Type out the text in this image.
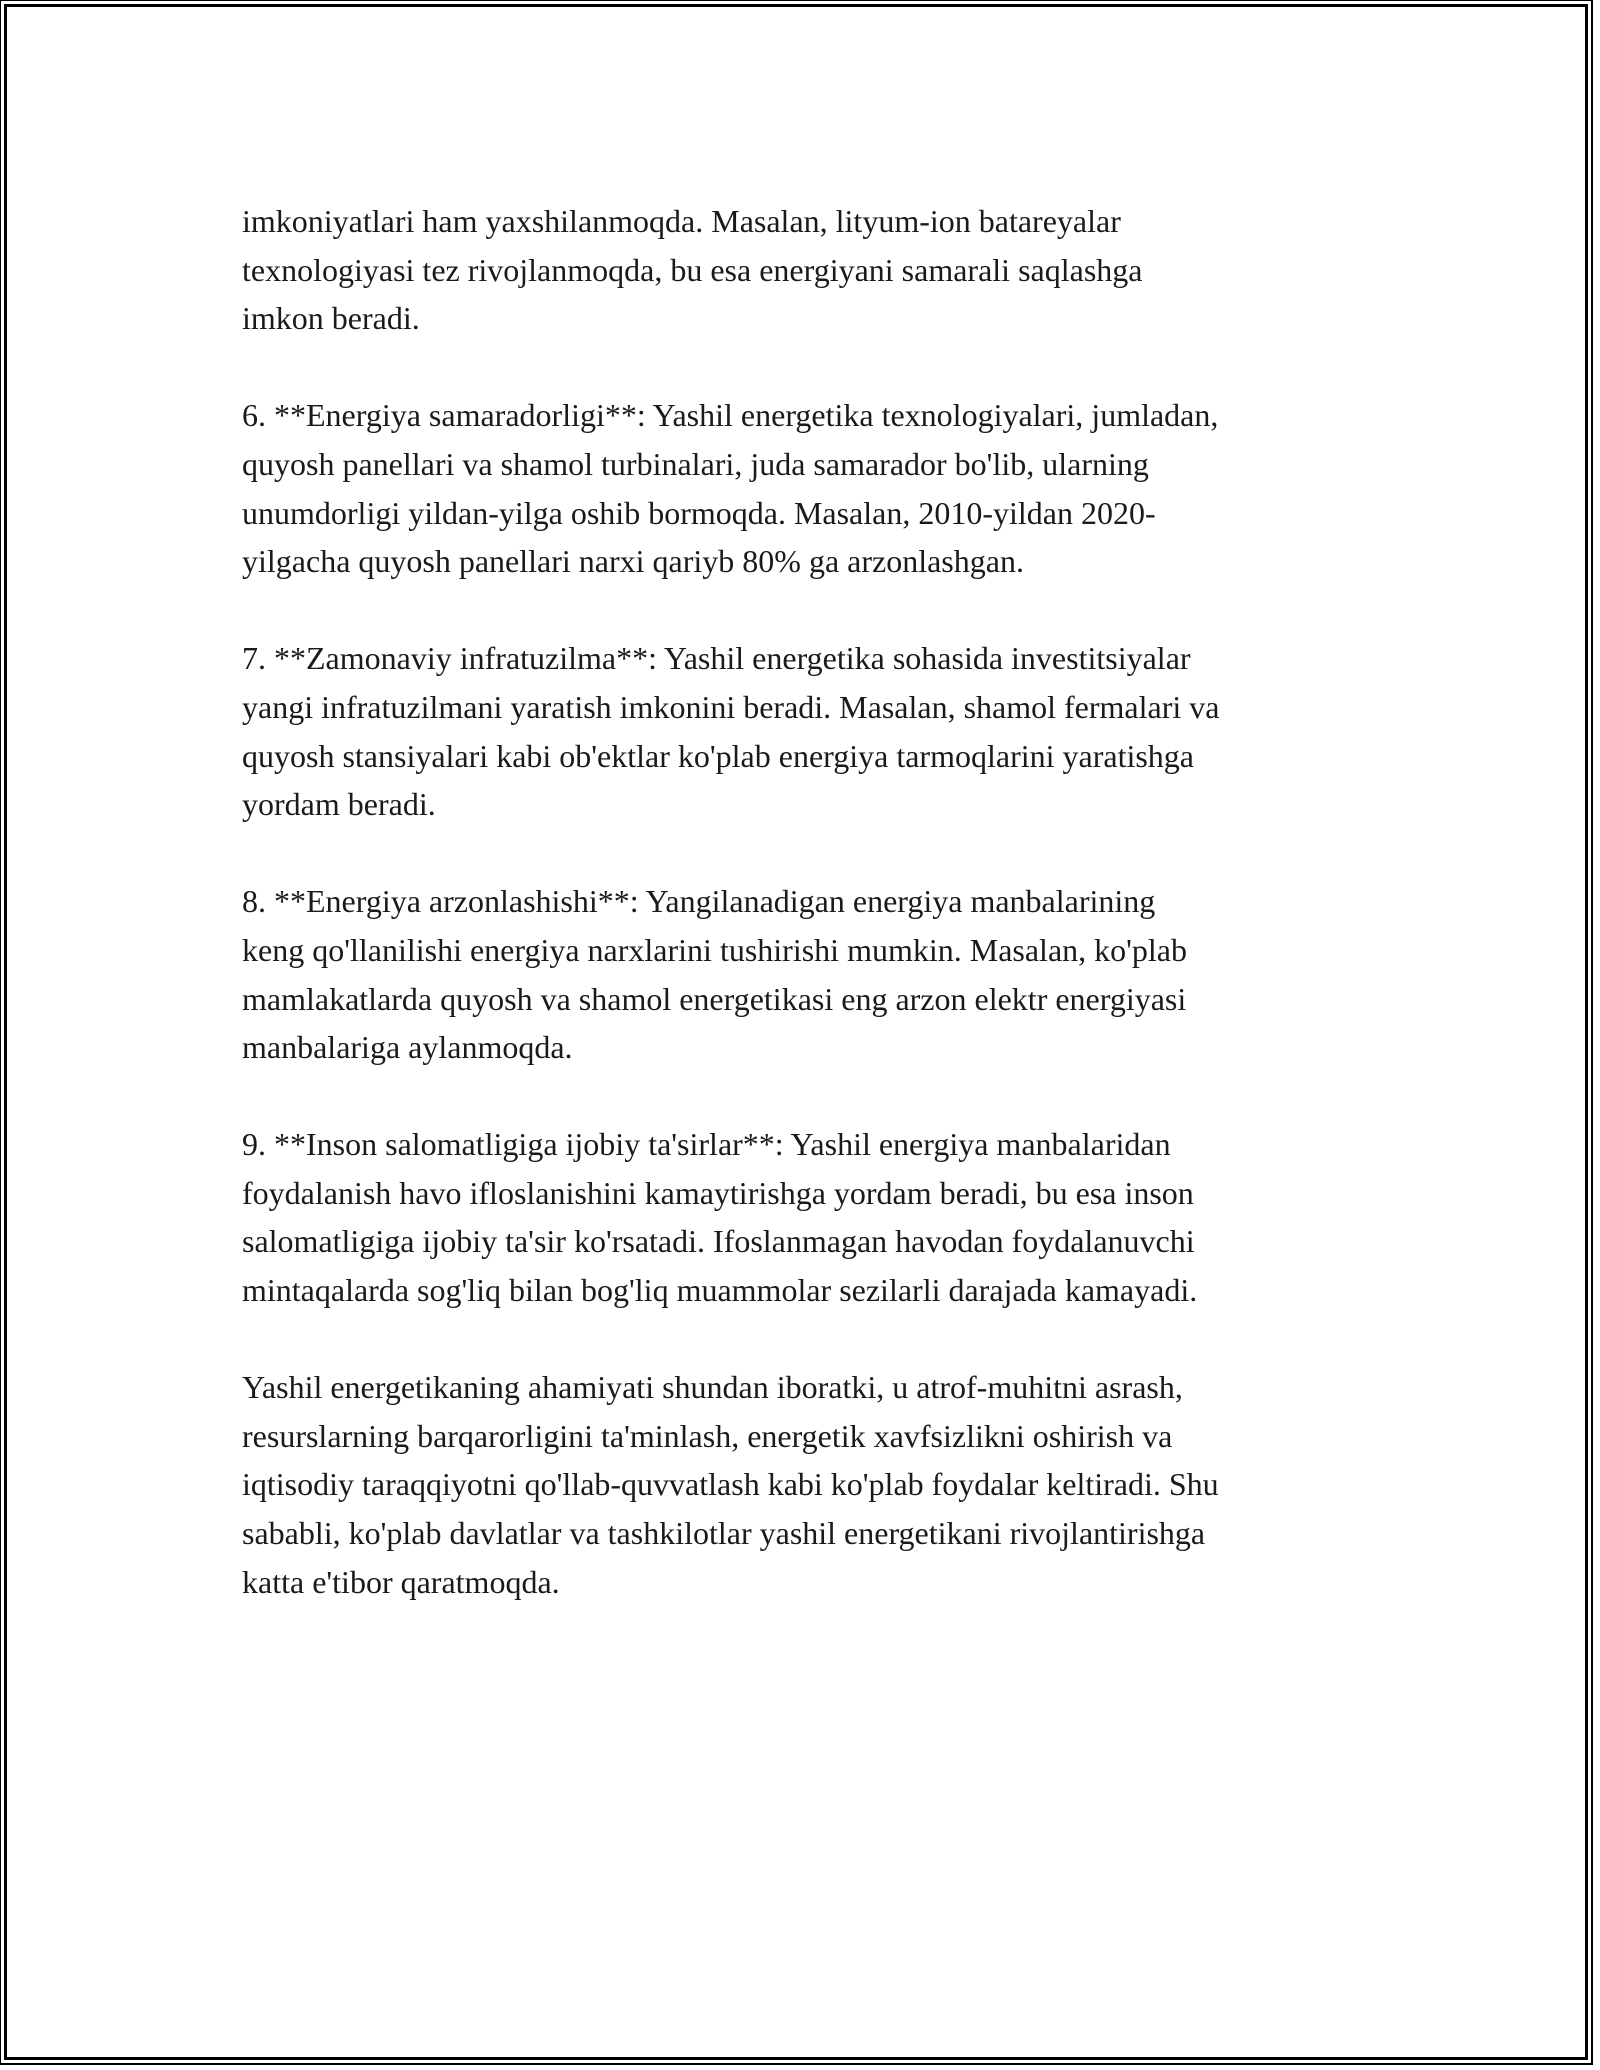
imkoniyatlari ham yaxshilanmoqda. Masalan, lityum-ion batareyalar
texnologiyasi tez rivojlanmoqda, bu esa energiyani samarali saqlashga
imkon beradi.

6. **Energiya samaradorligi**: Yashil energetika texnologiyalari, jumladan,
quyosh panellari va shamol turbinalari, juda samarador bo'lib, ularning
unumdorligi yildan-yilga oshib bormoqda. Masalan, 2010-yildan 2020-
yilgacha quyosh panellari narxi qariyb 80% ga arzonlashgan.

7. **Zamonaviy infratuzilma**: Yashil energetika sohasida investitsiyalar
yangi infratuzilmani yaratish imkonini beradi. Masalan, shamol fermalari va
quyosh stansiyalari kabi ob'ektlar ko'plab energiya tarmoqlarini yaratishga
yordam beradi.

8. **Energiya arzonlashishi**: Yangilanadigan energiya manbalarining
keng qo'llanilishi energiya narxlarini tushirishi mumkin. Masalan, ko'plab
mamlakatlarda quyosh va shamol energetikasi eng arzon elektr energiyasi
manbalariga aylanmoqda.

9. **Inson salomatligiga ijobiy ta'sirlar**: Yashil energiya manbalaridan
foydalanish havo ifloslanishini kamaytirishga yordam beradi, bu esa inson
salomatligiga ijobiy ta'sir ko'rsatadi. Ifoslanmagan havodan foydalanuvchi
mintaqalarda sog'liq bilan bog'liq muammolar sezilarli darajada kamayadi.

Yashil energetikaning ahamiyati shundan iboratki, u atrof-muhitni asrash,
resurslarning barqarorligini ta'minlash, energetik xavfsizlikni oshirish va
iqtisodiy taraqqiyotni qo'llab-quvvatlash kabi ko'plab foydalar keltiradi. Shu
sababli, ko'plab davlatlar va tashkilotlar yashil energetikani rivojlantirishga
katta e'tibor qaratmoqda.
